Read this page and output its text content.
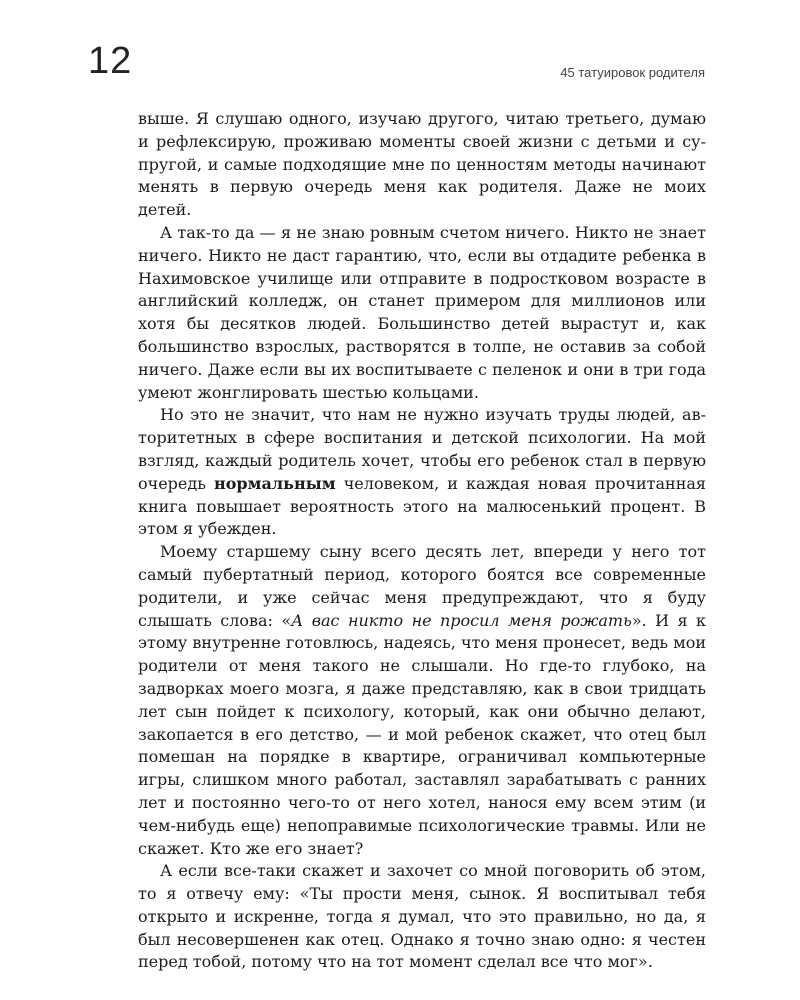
12	45 татуировок родителя

выше. Я слушаю одного, изучаю другого, читаю третьего, думаю и рефлексирую, проживаю моменты своей жизни с детьми и супругой, и самые подходящие мне по ценностям методы начинают менять в первую очередь меня как родителя. Даже не моих детей.

А так-то да — я не знаю ровным счетом ничего. Никто не знает ничего. Никто не даст гарантию, что, если вы отдадите ребенка в Нахимовское училище или отправите в подростковом возрасте в английский колледж, он станет примером для миллионов или хотя бы десятков людей. Большинство детей вырастут и, как большинство взрослых, растворятся в толпе, не оставив за собой ничего. Даже если вы их воспитываете с пеленок и они в три года умеют жонглировать шестью кольцами.

Но это не значит, что нам не нужно изучать труды людей, авторитетных в сфере воспитания и детской психологии. На мой взгляд, каждый родитель хочет, чтобы его ребенок стал в первую очередь нормальным человеком, и каждая новая прочитанная книга повышает вероятность этого на малюсенький процент. В этом я убежден.

Моему старшему сыну всего десять лет, впереди у него тот самый пубертатный период, которого боятся все современные родители, и уже сейчас меня предупреждают, что я буду слышать слова: «А вас никто не просил меня рожать». И я к этому внутренне готовлюсь, надеясь, что меня пронесет, ведь мои родители от меня такого не слышали. Но где-то глубоко, на задворках моего мозга, я даже представляю, как в свои тридцать лет сын пойдет к психологу, который, как они обычно делают, закопается в его детство, — и мой ребенок скажет, что отец был помешан на порядке в квартире, ограничивал компьютерные игры, слишком много работал, заставлял зарабатывать с ранних лет и постоянно чего-то от него хотел, нанося ему всем этим (и чем-нибудь еще) непоправимые психологические травмы. Или не скажет. Кто же его знает?

А если все-таки скажет и захочет со мной поговорить об этом, то я отвечу ему: «Ты прости меня, сынок. Я воспитывал тебя открыто и искренне, тогда я думал, что это правильно, но да, я был несовершенен как отец. Однако я точно знаю одно: я честен перед тобой, потому что на тот момент сделал все что мог».
